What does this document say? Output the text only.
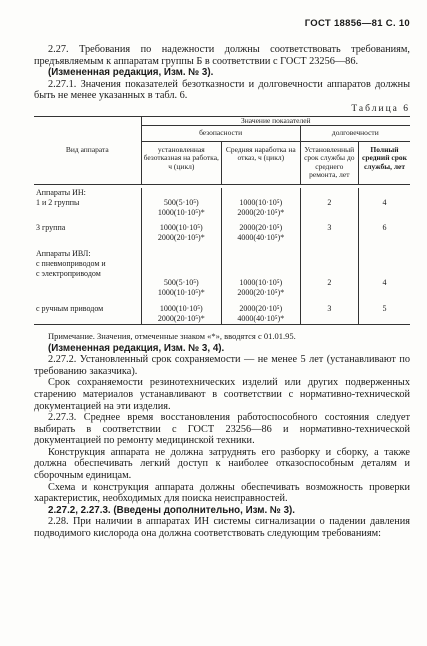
ГОСТ 18856—81 С. 10

2.27. Требования по надежности должны соответствовать требованиям, предъявляемым к аппаратам группы Б в соответствии с ГОСТ 23256—86.

(Измененная редакция, Изм. № 3).

2.27.1. Значения показателей безотказности и долговечности аппаратов должны быть не менее указанных в табл. 6.

Таблица 6
Вид аппарата	Значение показателей			
	безопасности		долговечности	
	установленная безотказная на работка, ч (цикл)	Средняя наработка на отказ, ч (цикл)	Установленный срок службы до среднего ремонта, лет	Полный средний срок службы, лет

Аппараты ИН:				
1 и 2 группы	500(5·10⁵)	1000(10·10⁵)	2	4
	1000(10·10⁵)*	2000(20·10⁵)*		

3 группа	1000(10·10⁵)	2000(20·10⁵)	3	6
	2000(20·10⁵)*	4000(40·10⁵)*		

Аппараты ИВЛ:				
с пневмоприводом и				
с электроприводом				
	500(5·10⁵)	1000(10·10⁵)	2	4
	1000(10·10⁵)*	2000(20·10⁵)*		

с ручным приводом	1000(10·10⁵)	2000(20·10⁵)	3	5
	2000(20·10⁵)*	4000(40·10⁵)*		

Примечание. Значения, отмеченные знаком «*», вводятся с 01.01.95.

(Измененная редакция, Изм. № 3, 4).

2.27.2. Установленный срок сохраняемости — не менее 5 лет (устанавливают по требованию заказчика).

Срок сохраняемости резинотехнических изделий или других подверженных старению материалов устанавливают в соответствии с нормативно-технической документацией на эти изделия.

2.27.3. Среднее время восстановления работоспособного состояния следует выбирать в соответствии с ГОСТ 23256—86 и нормативно-технической документацией по ремонту медицинской техники.

Конструкция аппарата не должна затруднять его разборку и сборку, а также должна обеспечивать легкий доступ к наиболее отказоспособным деталям и сборочным единицам.

Схема и конструкция аппарата должны обеспечивать возможность проверки характеристик, необходимых для поиска неисправностей.

2.27.2, 2.27.3. (Введены дополнительно, Изм. № 3).

2.28. При наличии в аппаратах ИН системы сигнализации о падении давления подводимого кислорода она должна соответствовать следующим требованиям:
